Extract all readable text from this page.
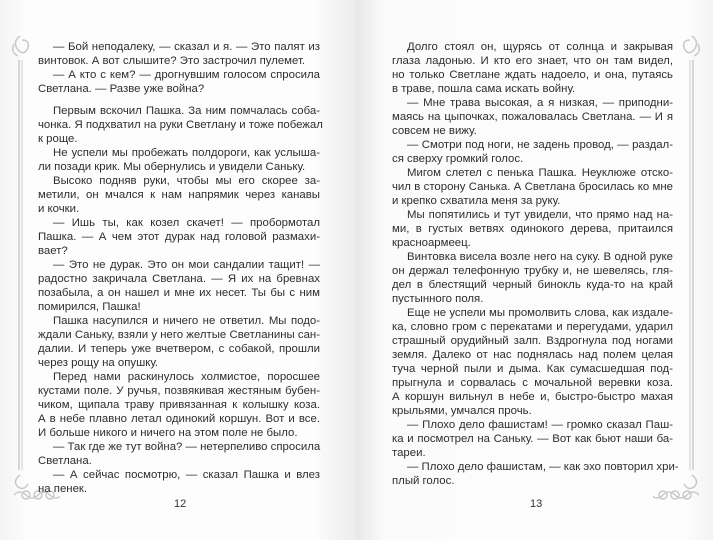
— Бой неподалеку, — сказал и я. — Это палят из
винтовок. А вот слышите? Это застрочил пулемет.
— А кто с кем? — дрогнувшим голосом спросила
Светлана. — Разве уже война?
Первым вскочил Пашка. За ним помчалась соба-
чонка. Я подхватил на руки Светлану и тоже побежал
к роще.
Не успели мы пробежать полдороги, как услыша-
ли позади крик. Мы обернулись и увидели Саньку.
Высоко подняв руки, чтобы мы его скорее за-
метили, он мчался к нам напрямик через канавы
и кочки.
— Ишь ты, как козел скачет! — пробормотал
Пашка. — А чем этот дурак над головой размахи-
вает?
— Это не дурак. Это он мои сандалии тащит! —
радостно закричала Светлана. — Я их на бревнах
позабыла, а он нашел и мне их несет. Ты бы с ним
помирился, Пашка!
Пашка насупился и ничего не ответил. Мы подо-
ждали Саньку, взяли у него желтые Светланины сан-
далии. И теперь уже вчетвером, с собакой, прошли
через рощу на опушку.
Перед нами раскинулось холмистое, поросшее
кустами поле. У ручья, позвякивая жестяным бубен-
чиком, щипала траву привязанная к колышку коза.
А в небе плавно летал одинокий коршун. Вот и все.
И больше никого и ничего на этом поле не было.
— Так где же тут война? — нетерпеливо спросила
Светлана.
— А сейчас посмотрю, — сказал Пашка и влез
на пенек.
12
Долго стоял он, щурясь от солнца и закрывая
глаза ладонью. И кто его знает, что он там видел,
но только Светлане ждать надоело, и она, путаясь
в траве, пошла сама искать войну.
— Мне трава высокая, а я низкая, — приподни-
маясь на цыпочках, пожаловалась Светлана. — И я
совсем не вижу.
— Смотри под ноги, не задень провод, — раздал-
ся сверху громкий голос.
Мигом слетел с пенька Пашка. Неуклюже отско-
чил в сторону Санька. А Светлана бросилась ко мне
и крепко схватила меня за руку.
Мы попятились и тут увидели, что прямо над на-
ми, в густых ветвях одинокого дерева, притаился
красноармеец.
Винтовка висела возле него на суку. В одной руке
он держал телефонную трубку и, не шевелясь, гля-
дел в блестящий черный бинокль куда-то на край
пустынного поля.
Еще не успели мы промолвить слова, как издале-
ка, словно гром с перекатами и перегудами, ударил
страшный орудийный залп. Вздрогнула под ногами
земля. Далеко от нас поднялась над полем целая
туча черной пыли и дыма. Как сумасшедшая под-
прыгнула и сорвалась с мочальной веревки коза.
А коршун вильнул в небе и, быстро-быстро махая
крыльями, умчался прочь.
— Плохо дело фашистам! — громко сказал Паш-
ка и посмотрел на Саньку. — Вот как бьют наши ба-
тареи.
— Плохо дело фашистам, — как эхо повторил хри-
плый голос.
13
